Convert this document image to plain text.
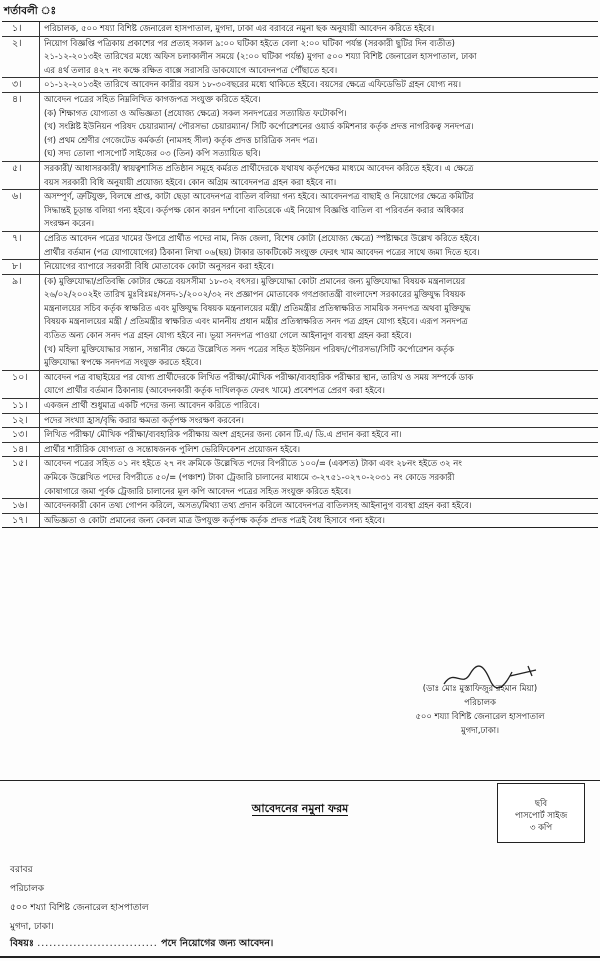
শর্তাবলী ঃ
১।	পরিচালক, ৫০০ শয্যা বিশিষ্ট জেনারেল হাসপাতাল, মুগদা, ঢাকা এর বরাবরে নমুনা ছক অনুযায়ী আবেদন করিতে হইবে।

২।	নিয়োগ বিজ্ঞপ্তি পত্রিকায় প্রকাশের পর প্রত্যহ সকাল ৯:০০ ঘটিকা হইতে বেলা ২:০০ ঘটিকা পর্যন্ত (সরকারী ছুটির দিন ব্যতীত)

২১-১২-২০১৩ইং তারিখের মধ্যে অফিস চলাকালীন সময়ে (২:০০ ঘটিকা পর্যন্ত) মুগদা ৫০০ শয্যা বিশিষ্ট জেনারেল হাসপাতাল, ঢাকা

এর ৪র্থ তলার ৪২৭ নং কক্ষে রক্ষিত বাক্সে সরাসরি ডাকযোগে আবেদনপত্র পৌঁছাতে হবে।

৩।	০১-১২-২০১৩ইং তারিখে আবেদন কারীর বয়স ১৮-৩০বছরের মধ্যে থাকিতে হইবে। বয়সের ক্ষেত্রে এফিডেভিট গ্রহন যোগ্য নয়।

৪।	আবেদন পত্রের সহিত নিম্নলিখিত কাগজপত্র সংযুক্ত করিতে হইবে।

(ক) শিক্ষাগত যোগ্যতা ও অভিজ্ঞতা (প্রযোজ্য ক্ষেত্রে) সকল সনদপত্রের সত্যায়িত ফটোকপি।

(খ) সংশ্লিষ্ট ইউনিয়ন পরিষদ চেয়ারম্যান/ পৌরসভা চেয়ারম্যান/ সিটি কর্পোরেশনের ওয়ার্ড কমিশনার কর্তৃক প্রদত্ত নাগরিকত্ব সনদপত্র।

(গ) প্রথম শ্রেণীর গেজেটেড কর্মকর্তা (নামসহ সীল) কর্তৃক প্রদত্ত চারিত্রিক সনদ পত্র।

(ঘ) সদ্য তোলা পাসপোর্ট সাইজের ০৩ (তিন) কপি সত্যায়িত ছবি।

৫।	সরকারী/ আধাসরকারী/ স্বায়ত্বশাসিত প্রতিষ্ঠান সমূহে কর্মরত প্রার্থীদেরকে যথাযথ কর্তৃপক্ষের মাধ্যমে আবেদন করিতে হইবে। এ ক্ষেত্রে

বয়স সরকারী বিধি অনুযায়ী প্রযোজ্য হইবে। কোন অগ্রিম আবেদনপত্র গ্রহন করা হইবে না।

৬।	অসম্পূর্ণ, ত্রুটিযুক্ত, বিলম্বে প্রাপ্ত, কাটা ছেড়া আবেদনপত্র বাতিল বলিয়া গন্য হইবে। আবেদনপত্র বাছাই ও নিয়োগের ক্ষেত্রে কমিটির

সিদ্ধান্তই চূড়ান্ত বলিয়া গন্য হইবে। কর্তৃপক্ষ কোন কারন দর্শানো ব্যতিরেকে এই নিয়োগ বিজ্ঞপ্তি বাতিল বা পরিবর্তন করার অধিকার

সংরক্ষন করেন।

৭।	প্রেরিত আবেদন পত্রের খামের উপরে প্রার্থীত পদের নাম, নিজ জেলা, বিশেষ কোটা (প্রযোজ্য ক্ষেত্রে) স্পষ্টাক্ষরে উল্লেখ করিতে হইবে।

প্রার্থীর বর্তমান (পত্র যোগাযোগের) ঠিকানা লিখা ০৬(ছয়) টাকার ডাকটিকেট সংযুক্ত ফেরৎ খাম আবেদন পত্রের সাথে জমা দিতে হবে।

৮।	নিয়োগের ব্যাপারে সরকারী বিধি মোতাবেক কোটা অনুসরন করা হইবে।

৯।	(ক) মুক্তিযোদ্ধা/প্রতিবন্ধি কোটার ক্ষেত্রে বয়সসীমা ১৮-৩২ বৎসর। মুক্তিযোদ্ধা কোটা প্রমানের জন্য মুক্তিযোদ্ধা বিষয়ক মন্ত্রনালয়ের

২৬/০২/২০০২ইং তারিখ মুঃবিঃমঃ/সনদ-১/২০০২/৩২ নং প্রজ্ঞাপন মোতাবেক গণপ্রজাতন্ত্রী বাংলাদেশ সরকারের মুক্তিযুদ্ধ বিষয়ক

মন্ত্রনালয়ের সচিব কর্তৃক স্বাক্ষরিত এবং মুক্তিযুদ্ধ বিষয়ক মন্ত্রনালয়ের মন্ত্রী/ প্রতিমন্ত্রীর প্রতিস্বাক্ষরিত সাময়িক সনদপত্র অথবা মুক্তিযুদ্ধ

বিষয়ক মন্ত্রনালয়ের মন্ত্রী / প্রতিমন্ত্রীর স্বাক্ষরিত এবং মাননীয় প্রধান মন্ত্রীর প্রতিস্বাক্ষরিত সনদ পত্র গ্রহন যোগ্য হইবে। এরূপ সনদপত্র

ব্যতিত অন্য কোন সনদ পত্র গ্রহন যোগ্য হইবে না। ভূয়া সনদপত্র পাওয়া গেলে আইনানুগ ব্যবস্থা গ্রহন করা হইবে।

(খ) মহিলা মুক্তিযোদ্ধার সন্তান, সন্তানীর ক্ষেত্রে উল্লেখিত সনদ পত্রের সহিত ইউনিয়ন পরিষদ/পৌরসভা/সিটি কর্পোরেশন কর্তৃক

মুক্তিযোদ্ধা স্বপক্ষে সনদপত্র সংযুক্ত করতে হইবে।

১০।	আবেদন পত্র বাছাইয়ের পর যোগ্য প্রার্থীদেরকে লিখিত পরীক্ষা/মৌখিক পরীক্ষা/ব্যবহারিক পরীক্ষার স্থান, তারিখ ও সময় সম্পর্কে ডাক

যোগে প্রার্থীর বর্তমান ঠিকানায় (আবেদনকারী কর্তৃক দাখিলকৃত ফেরৎ খামে) প্রবেশপত্র প্রেরণ করা হইবে।

১১।	একজন প্রার্থী শুধুমাত্র একটি পদের জন্য আবেদন করিতে পারিবে।

১২।	পদের সংখ্যা হ্রাস/বৃদ্ধি করার ক্ষমতা কর্তৃপক্ষ সংরক্ষণ করবেন।

১৩।	লিখিত পরীক্ষা/ মৌখিক পরীক্ষা/ব্যবহারিক পরীক্ষায় অংশ গ্রহনের জন্য কোন টি.এ/ ডি.এ প্রদান করা হইবে না।

১৪।	প্রার্থীর শারীরিক যোগ্যতা ও সন্তোষজনক পুলিশ ভেরিফিকেশন প্রয়োজন হইবে।

১৫।	আবেদন পত্রের সহিত ০১ নং হইতে ২৭ নং ক্রমিকে উল্লেখিত পদের বিপরীতে ১০০/= (একশত) টাকা এবং ২৮নং হইতে ৩২ নং

ক্রমিকে উল্লেখিত পদের বিপরীতে ৫০/= (পঞ্চাশ) টাকা ট্রেজারি চালানের মাধ্যমে ৩-২৭৫১-০২৭০-২০৩১ নং কোডে সরকারী

কোষাগারে জমা পূর্বক ট্রেজারি চালানের মূল কপি আবেদন পত্রের সহিত সংযুক্ত করিতে হইবে।

১৬।	আবেদনকারী কোন তথ্য গোপন করিলে, অসত্য/মিথ্যা তথ্য প্রদান করিলে আবেদনপত্র বাতিলসহ আইনানুগ ব্যবস্থা গ্রহন করা হইবে।

১৭।	অভিজ্ঞতা ও কোটা প্রমানের জন্য কেবল মাত্র উপযুক্ত কর্তৃপক্ষ কর্তৃক প্রদত্ত পত্রই বৈধ হিসাবে গন্য হইবে।

(ডাঃ মোঃ মুস্তাফিজুর রহমান মিয়া)
পরিচালক
৫০০ শয্যা বিশিষ্ট জেনারেল হাসপাতাল
মুগদা,ঢাকা।
আবেদনের নমুনা ফরম	ছবি
পাসপোর্ট সাইজ
৩ কপি

বরাবর

পরিচালক

৫০০ শয্যা বিশিষ্ট জেনারেল হাসপাতাল

মুগদা, ঢাকা।

বিষয়ঃ .............................. পদে নিয়োগের জন্য আবেদন।
